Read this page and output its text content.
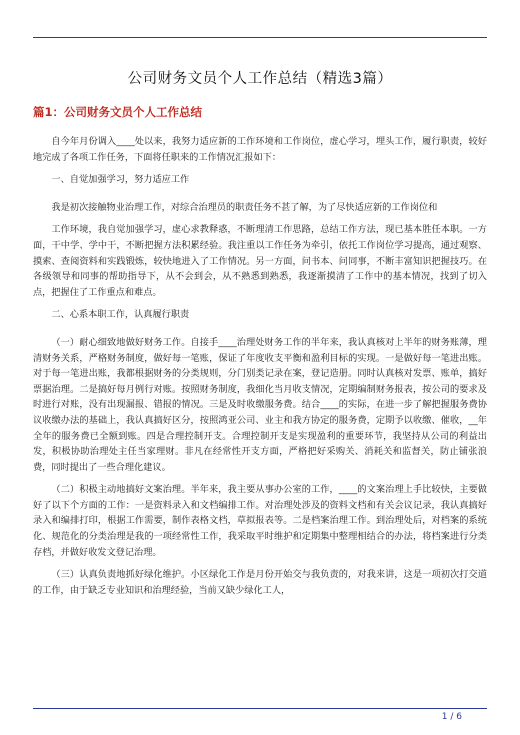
公司财务文员个人工作总结（精选3篇）
篇1：公司财务文员个人工作总结

自今年月份调入____处以来，我努力适应新的工作环境和工作岗位，虚心学习，埋头工作，履行职责，较好地完成了各项工作任务，下面将任职来的工作情况汇报如下：

一、自觉加强学习，努力适应工作

我是初次接触物业治理工作，对综合治理员的职责任务不甚了解，为了尽快适应新的工作岗位和

工作环境，我自觉加强学习，虚心求教释惑，不断理清工作思路，总结工作方法，现已基本胜任本职。一方面，干中学、学中干，不断把握方法积累经验。我注重以工作任务为牵引，依托工作岗位学习提高，通过观察、摸索、查阅资料和实践锻炼，较快地进入了工作情况。另一方面，问书本、问同事，不断丰富知识把握技巧。在各级领导和同事的帮助指导下，从不会到会，从不熟悉到熟悉，我逐渐摸清了工作中的基本情况，找到了切入点，把握住了工作重点和难点。

二、心系本职工作，认真履行职责

（一）耐心细致地做好财务工作。自接手____治理处财务工作的半年来，我认真核对上半年的财务账薄，理清财务关系，严格财务制度，做好每一笔账，保证了年度收支平衡和盈利目标的实现。一是做好每一笔进出账。对于每一笔进出账，我都根据财务的分类规则，分门别类记录在案，登记造册。同时认真核对发票、账单，搞好票据治理。二是搞好每月例行对账。按照财务制度，我细化当月收支情况，定期编制财务报表，按公司的要求及时进行对账，没有出现漏报、错报的情况。三是及时收缴服务费。结合____的实际，在进一步了解把握服务费协议收缴办法的基础上，我认真搞好区分，按照鸿亚公司、业主和我方协定的服务费，定期予以收缴、催收，__年全年的服务费已全额到账。四是合理控制开支。合理控制开支是实现盈利的重要环节，我坚持从公司的利益出发，积极协助治理处主任当家理财。非凡在经常性开支方面，严格把好采购关、消耗关和监督关，防止铺张浪费，同时提出了一些合理化建议。

（二）积极主动地搞好文案治理。半年来，我主要从事办公室的工作，____的文案治理上手比较快，主要做好了以下个方面的工作：一是资料录入和文档编排工作。对治理处涉及的资料文档和有关会议记录，我认真搞好录入和编排打印，根据工作需要，制作表格文档，草拟报表等。二是档案治理工作。到治理处后，对档案的系统化、规范化的分类治理是我的一项经常性工作，我采取平时维护和定期集中整理相结合的办法，将档案进行分类存档，并做好收发文登记治理。

（三）认真负责地抓好绿化维护。小区绿化工作是月份开始交与我负责的，对我来讲，这是一项初次打交道的工作，由于缺乏专业知识和治理经验，当前又缺少绿化工人，

1 / 6
